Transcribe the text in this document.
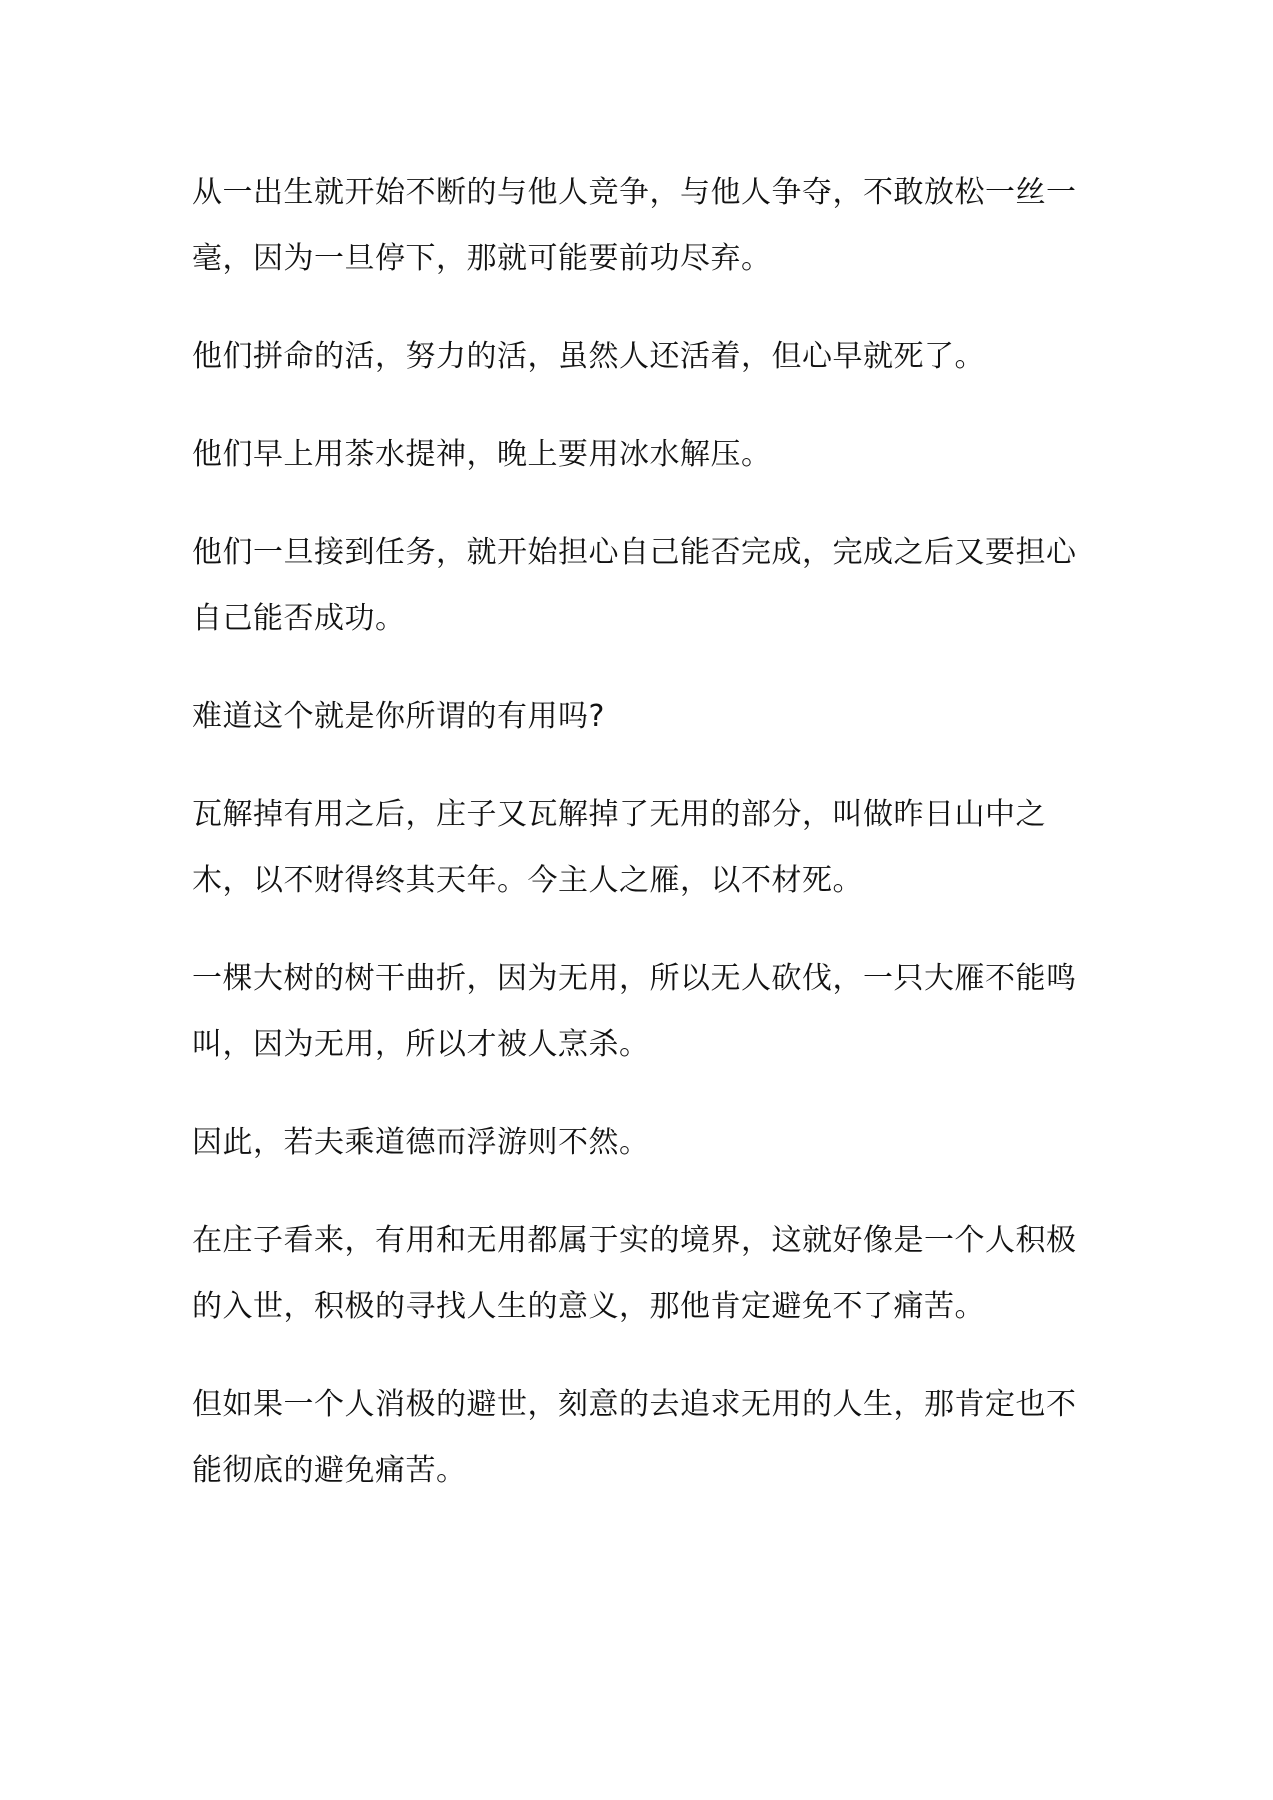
从一出生就开始不断的与他人竞争，与他人争夺，不敢放松一丝一毫，因为一旦停下，那就可能要前功尽弃。

他们拼命的活，努力的活，虽然人还活着，但心早就死了。

他们早上用茶水提神，晚上要用冰水解压。

他们一旦接到任务，就开始担心自己能否完成，完成之后又要担心自己能否成功。

难道这个就是你所谓的有用吗?

瓦解掉有用之后，庄子又瓦解掉了无用的部分，叫做昨日山中之木，以不财得终其天年。今主人之雁，以不材死。

一棵大树的树干曲折，因为无用，所以无人砍伐，一只大雁不能鸣叫，因为无用，所以才被人烹杀。

因此，若夫乘道德而浮游则不然。

在庄子看来，有用和无用都属于实的境界，这就好像是一个人积极的入世，积极的寻找人生的意义，那他肯定避免不了痛苦。

但如果一个人消极的避世，刻意的去追求无用的人生，那肯定也不能彻底的避免痛苦。
